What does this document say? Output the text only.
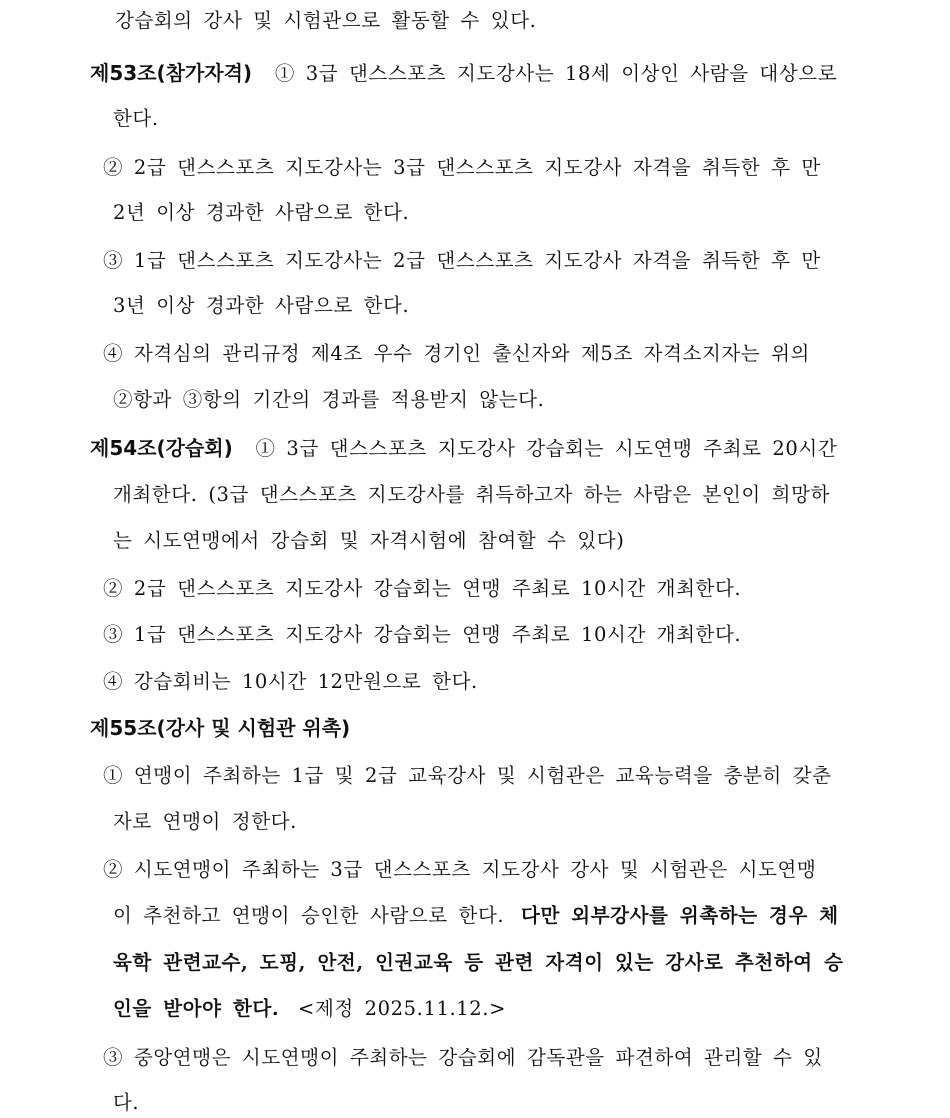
강습회의 강사 및 시험관으로 활동할 수 있다.
제53조(참가자격) ① 3급 댄스스포츠 지도강사는 18세 이상인 사람을 대상으로
한다.
② 2급 댄스스포츠 지도강사는 3급 댄스스포츠 지도강사 자격을 취득한 후 만
2년 이상 경과한 사람으로 한다.
③ 1급 댄스스포츠 지도강사는 2급 댄스스포츠 지도강사 자격을 취득한 후 만
3년 이상 경과한 사람으로 한다.
④ 자격심의 관리규정 제4조 우수 경기인 출신자와 제5조 자격소지자는 위의
②항과 ③항의 기간의 경과를 적용받지 않는다.
제54조(강습회) ① 3급 댄스스포츠 지도강사 강습회는 시도연맹 주최로 20시간
개최한다. (3급 댄스스포츠 지도강사를 취득하고자 하는 사람은 본인이 희망하
는 시도연맹에서 강습회 및 자격시험에 참여할 수 있다)
② 2급 댄스스포츠 지도강사 강습회는 연맹 주최로 10시간 개최한다.
③ 1급 댄스스포츠 지도강사 강습회는 연맹 주최로 10시간 개최한다.
④ 강습회비는 10시간 12만원으로 한다.
제55조(강사 및 시험관 위촉)
① 연맹이 주최하는 1급 및 2급 교육강사 및 시험관은 교육능력을 충분히 갖춘
자로 연맹이 정한다.
② 시도연맹이 주최하는 3급 댄스스포츠 지도강사 강사 및 시험관은 시도연맹
이 추천하고 연맹이 승인한 사람으로 한다. 다만 외부강사를 위촉하는 경우 체
육학 관련교수, 도핑, 안전, 인권교육 등 관련 자격이 있는 강사로 추천하여 승
인을 받아야 한다. <제정 2025.11.12.>
③ 중앙연맹은 시도연맹이 주최하는 강습회에 감독관을 파견하여 관리할 수 있
다.
